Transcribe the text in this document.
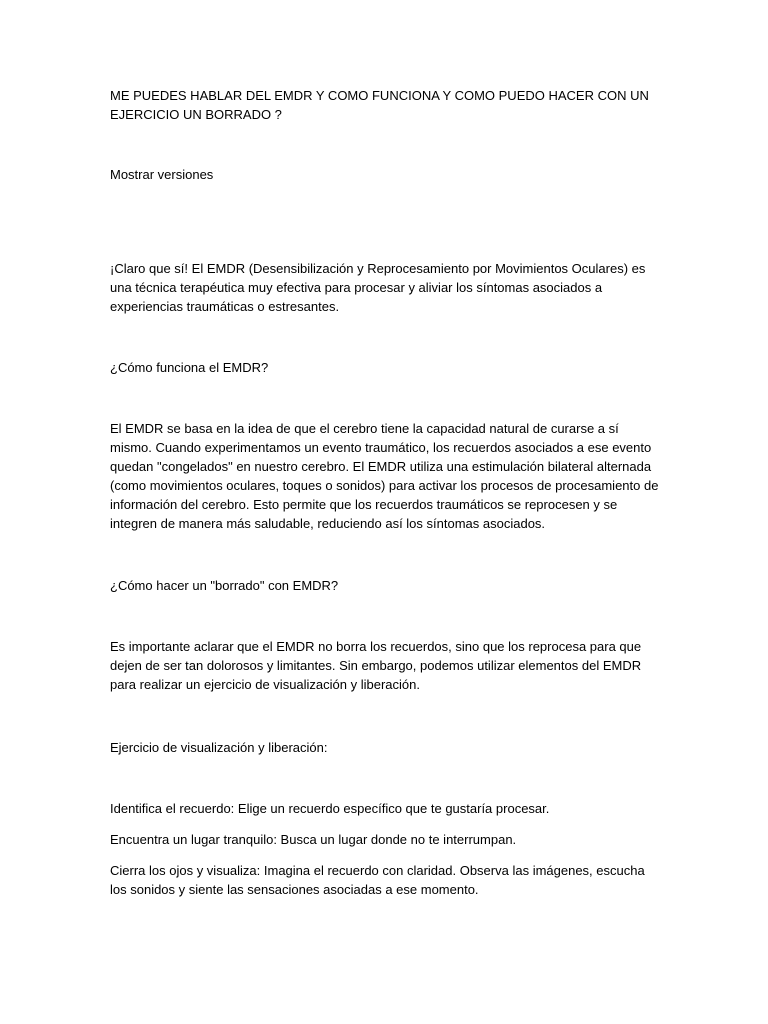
ME PUEDES HABLAR DEL EMDR Y COMO FUNCIONA Y COMO PUEDO HACER CON UN EJERCICIO UN BORRADO ?

Mostrar versiones

¡Claro que sí! El EMDR (Desensibilización y Reprocesamiento por Movimientos Oculares) es una técnica terapéutica muy efectiva para procesar y aliviar los síntomas asociados a experiencias traumáticas o estresantes.

¿Cómo funciona el EMDR?

El EMDR se basa en la idea de que el cerebro tiene la capacidad natural de curarse a sí mismo. Cuando experimentamos un evento traumático, los recuerdos asociados a ese evento quedan "congelados" en nuestro cerebro. El EMDR utiliza una estimulación bilateral alternada (como movimientos oculares, toques o sonidos) para activar los procesos de procesamiento de información del cerebro. Esto permite que los recuerdos traumáticos se reprocesen y se integren de manera más saludable, reduciendo así los síntomas asociados.

¿Cómo hacer un "borrado" con EMDR?

Es importante aclarar que el EMDR no borra los recuerdos, sino que los reprocesa para que dejen de ser tan dolorosos y limitantes. Sin embargo, podemos utilizar elementos del EMDR para realizar un ejercicio de visualización y liberación.

Ejercicio de visualización y liberación:

Identifica el recuerdo: Elige un recuerdo específico que te gustaría procesar.

Encuentra un lugar tranquilo: Busca un lugar donde no te interrumpan.

Cierra los ojos y visualiza: Imagina el recuerdo con claridad. Observa las imágenes, escucha los sonidos y siente las sensaciones asociadas a ese momento.
